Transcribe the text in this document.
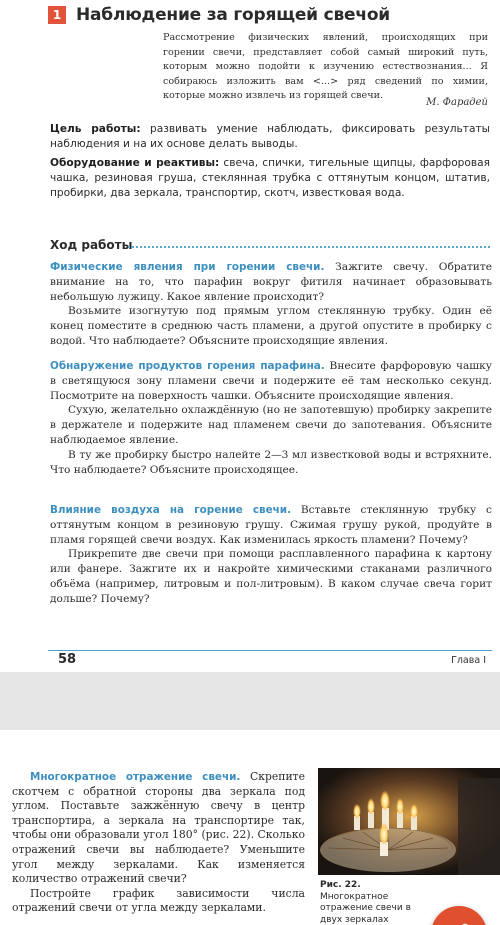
1 Наблюдение за горящей свечой
Рассмотрение физических явлений, происходящих при горении свечи, представляет собой самый широкий путь, которым можно подойти к изучению естествознания... Я собираюсь изложить вам <...> ряд сведений по химии, которые можно извлечь из горящей свечи.
М. Фарадей
Цель работы: развивать умение наблюдать, фиксировать результаты наблюдения и на их основе делать выводы.
Оборудование и реактивы: свеча, спички, тигельные щипцы, фарфоровая чашка, резиновая груша, стеклянная трубка с оттянутым концом, штатив, пробирки, два зеркала, транспортир, скотч, известковая вода.
Ход работы

Физические явления при горении свечи. Зажгите свечу. Обратите внимание на то, что парафин вокруг фитиля начинает образовывать небольшую лужицу. Какое явление происходит?

Возьмите изогнутую под прямым углом стеклянную трубку. Один её конец поместите в среднюю часть пламени, а другой опустите в пробирку с водой. Что наблюдаете? Объясните происходящие явления.

Обнаружение продуктов горения парафина. Внесите фарфоровую чашку в светящуюся зону пламени свечи и подержите её там несколько секунд. Посмотрите на поверхность чашки. Объясните происходящие явления.

Сухую, желательно охлаждённую (но не запотевшую) пробирку закрепите в держателе и подержите над пламенем свечи до запотевания. Объясните наблюдаемое явление.

В ту же пробирку быстро налейте 2—3 мл известковой воды и встряхните. Что наблюдаете? Объясните происходящее.

Влияние воздуха на горение свечи. Вставьте стеклянную трубку с оттянутым концом в резиновую грушу. Сжимая грушу рукой, продуйте в пламя горящей свечи воздух. Как изменилась яркость пламени? Почему?

Прикрепите две свечи при помощи расплавленного парафина к картону или фанере. Зажгите их и накройте химическими стаканами различного объёма (например, литровым и пол-литровым). В каком случае свеча горит дольше? Почему?

58	Глава I

Многократное отражение свечи. Скрепите скотчем с обратной стороны два зеркала под углом. Поставьте зажжённую свечу в центр транспортира, а зеркала на транспортире так, чтобы они образовали угол 180° (рис. 22). Сколько отражений свечи вы наблюдаете? Уменьшите угол между зеркалами. Как изменяется количество отражений свечи?

Постройте график зависимости числа отражений свечи от угла между зеркалами.

Рис. 22. Многократное отражение свечи в двух зеркалах
